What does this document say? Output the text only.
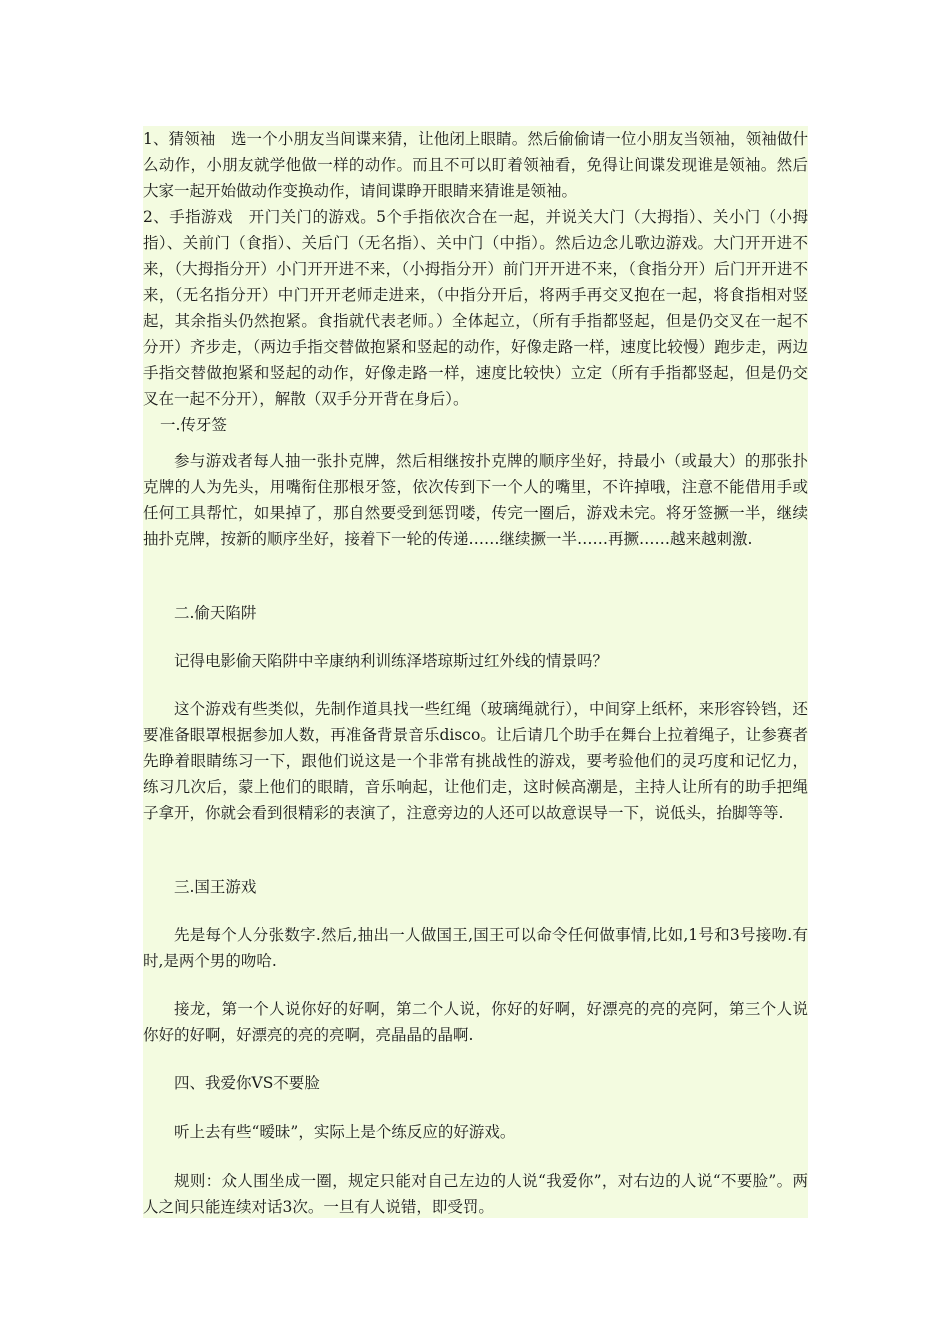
1、猜领袖　选一个小朋友当间谍来猜，让他闭上眼睛。然后偷偷请一位小朋友当领袖，领袖做什么动作，小朋友就学他做一样的动作。而且不可以盯着领袖看，免得让间谍发现谁是领袖。然后大家一起开始做动作变换动作，请间谍睁开眼睛来猜谁是领袖。

2、手指游戏　开门关门的游戏。5个手指依次合在一起，并说关大门（大拇指）、关小门（小拇指）、关前门（食指）、关后门（无名指）、关中门（中指）。然后边念儿歌边游戏。大门开开进不来，（大拇指分开）小门开开进不来，（小拇指分开）前门开开进不来，（食指分开）后门开开进不来，（无名指分开）中门开开老师走进来，（中指分开后，将两手再交叉抱在一起，将食指相对竖起，其余指头仍然抱紧。食指就代表老师。）全体起立，（所有手指都竖起，但是仍交叉在一起不分开）齐步走，（两边手指交替做抱紧和竖起的动作，好像走路一样，速度比较慢）跑步走，两边手指交替做抱紧和竖起的动作，好像走路一样，速度比较快）立定（所有手指都竖起，但是仍交叉在一起不分开），解散（双手分开背在身后）。

一.传牙签

参与游戏者每人抽一张扑克牌，然后相继按扑克牌的顺序坐好，持最小（或最大）的那张扑克牌的人为先头，用嘴衔住那根牙签，依次传到下一个人的嘴里，不许掉哦，注意不能借用手或任何工具帮忙，如果掉了，那自然要受到惩罚喽，传完一圈后，游戏未完。将牙签撅一半，继续抽扑克牌，按新的顺序坐好，接着下一轮的传递……继续撅一半……再撅……越来越刺激.

二.偷天陷阱

记得电影偷天陷阱中辛康纳利训练泽塔琼斯过红外线的情景吗？

这个游戏有些类似，先制作道具找一些红绳（玻璃绳就行），中间穿上纸杯，来形容铃铛，还要准备眼罩根据参加人数，再准备背景音乐disco。让后请几个助手在舞台上拉着绳子，让参赛者先睁着眼睛练习一下，跟他们说这是一个非常有挑战性的游戏，要考验他们的灵巧度和记忆力，练习几次后，蒙上他们的眼睛，音乐响起，让他们走，这时候高潮是，主持人让所有的助手把绳子拿开，你就会看到很精彩的表演了，注意旁边的人还可以故意误导一下，说低头，抬脚等等.

三.国王游戏

先是每个人分张数字.然后,抽出一人做国王,国王可以命令任何做事情,比如,1号和3号接吻.有时,是两个男的吻哈.

接龙，第一个人说你好的好啊，第二个人说，你好的好啊，好漂亮的亮的亮阿，第三个人说你好的好啊，好漂亮的亮的亮啊，亮晶晶的晶啊.

四、我爱你VS不要脸

听上去有些“暧昧”，实际上是个练反应的好游戏。

规则：众人围坐成一圈，规定只能对自己左边的人说“我爱你”，对右边的人说“不要脸”。两人之间只能连续对话3次。一旦有人说错，即受罚。
